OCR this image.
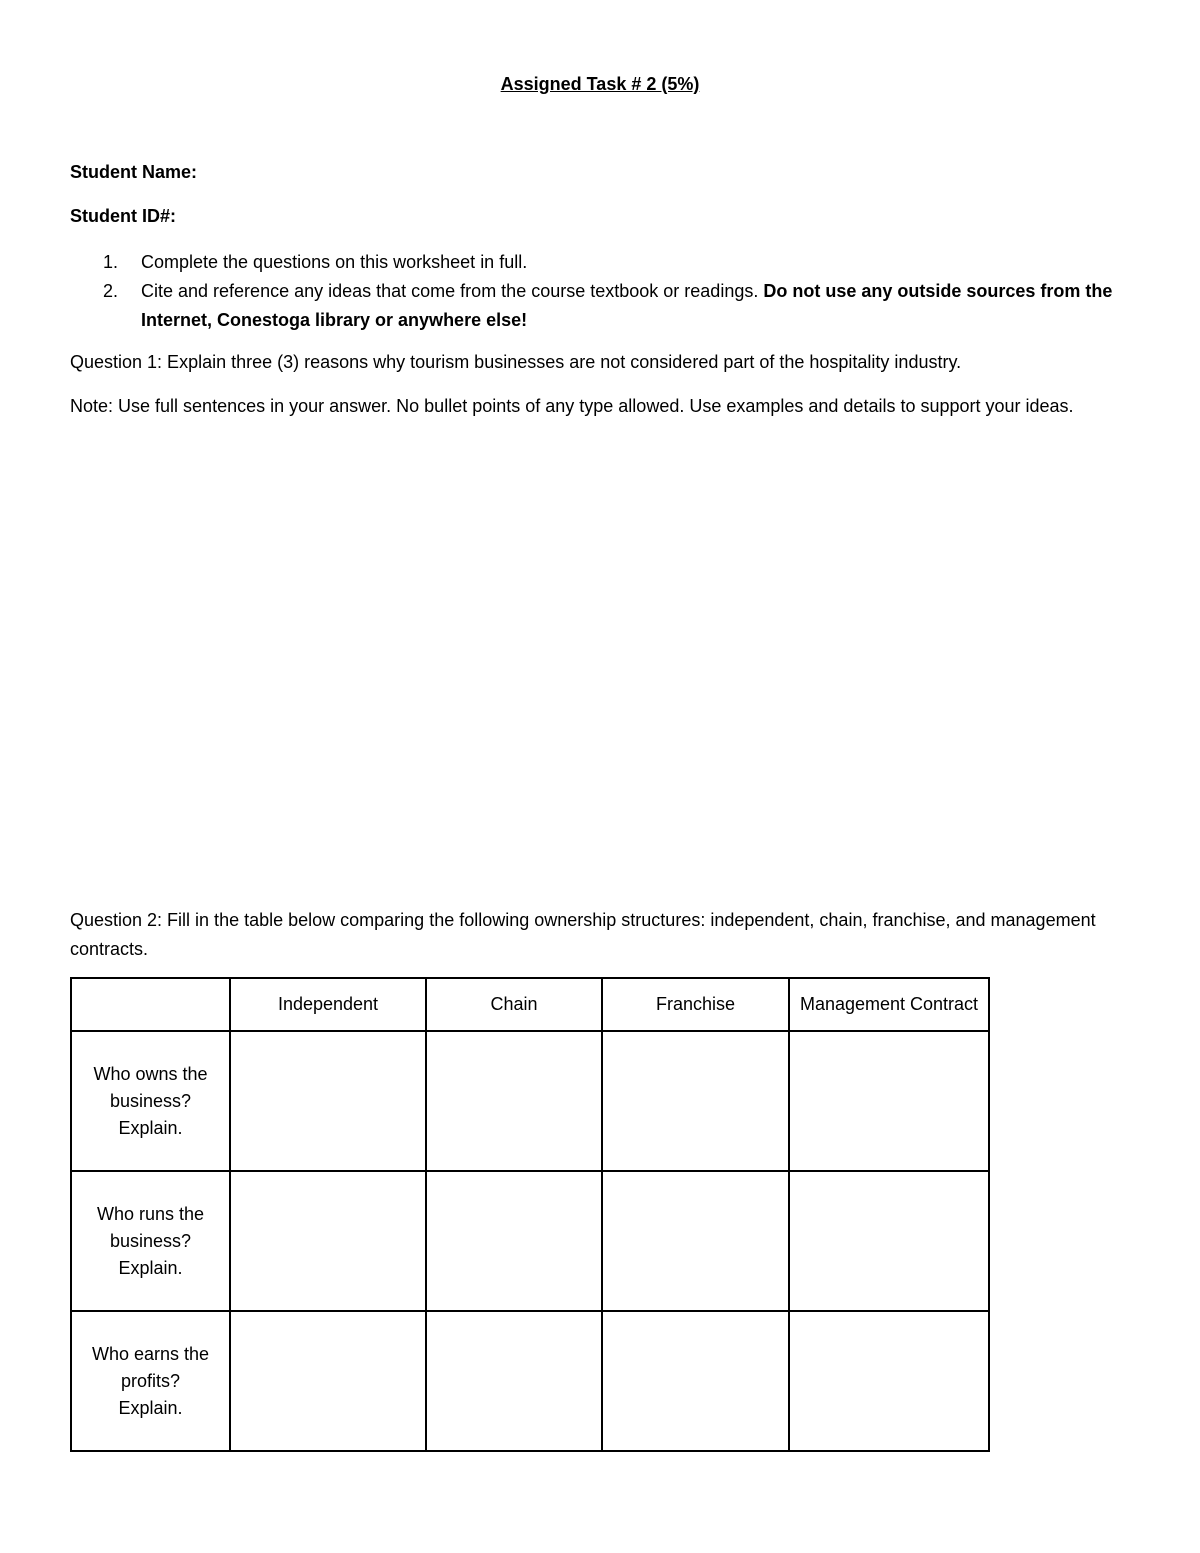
Assigned Task # 2 (5%)
Student Name:
Student ID#:
1. Complete the questions on this worksheet in full.
2. Cite and reference any ideas that come from the course textbook or readings. Do not use any outside sources from the Internet, Conestoga library or anywhere else!
Question 1: Explain three (3) reasons why tourism businesses are not considered part of the hospitality industry.
Note: Use full sentences in your answer. No bullet points of any type allowed. Use examples and details to support your ideas.
Question 2: Fill in the table below comparing the following ownership structures: independent, chain, franchise, and management contracts.
	Independent	Chain	Franchise	Management Contract

Who owns the
business?
Explain.				

Who runs the
business?
Explain.				

Who earns the
profits?
Explain.				
